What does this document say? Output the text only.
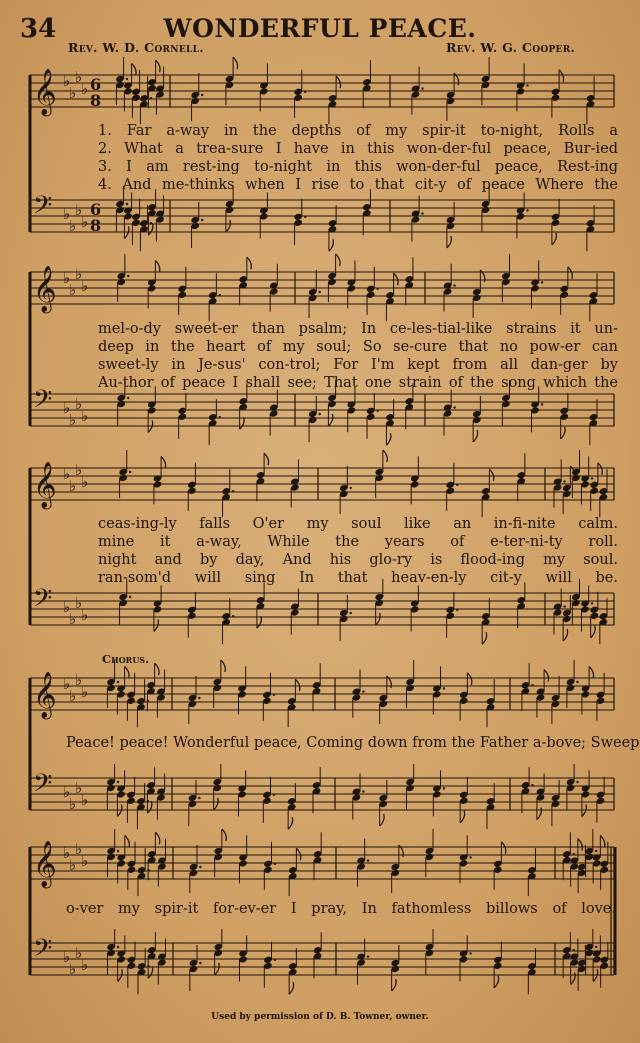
34	WONDERFUL PEACE.
Rev. W. D. Cornell.	Rev. W. G. Cooper.
𝄞 ♭
♭
♭
♭ 6
8
𝄢 ♭
♭
♭
♭
6
8
𝄞 ♭
♭
♭
♭
𝄢 ♭
♭
♭
♭
𝄞 ♭
♭
♭
♭
𝄢 ♭
♭
♭
♭
𝄞 ♭
♭
♭
♭
𝄢 ♭
♭
♭
♭
𝄞 ♭
♭
♭
♭
𝄢 ♭
♭
♭
♭
1. Far a-way in the depths of my spir-it to-night, Rolls a
2. What a trea-sure I have in this won-der-ful peace, Bur-ied
3. I am rest-ing to-night in this won-der-ful peace, Rest-ing
4. And me-thinks when I rise to that cit-y of peace Where the
mel-o-dy sweet-er than psalm; In ce-les-tial-like strains it un-
deep in the heart of my soul; So se-cure that no pow-er can
sweet-ly in Je-sus' con-trol; For I'm kept from all dan-ger by
Au-thor of peace I shall see; That one strain of the song which the
ceas-ing-ly falls O'er my soul like an in-fi-nite calm.
mine it a-way, While the years of e-ter-ni-ty roll.
night and by day, And his glo-ry is flood-ing my soul.
ran-som'd will sing In that heav-en-ly cit-y will be.
Chorus.
Peace! peace! Wonderful peace, Coming down from the Father a-bove; Sweep
o-ver my spir-it for-ev-er I pray, In fathomless billows of love.
Used by permission of D. B. Towner, owner.
